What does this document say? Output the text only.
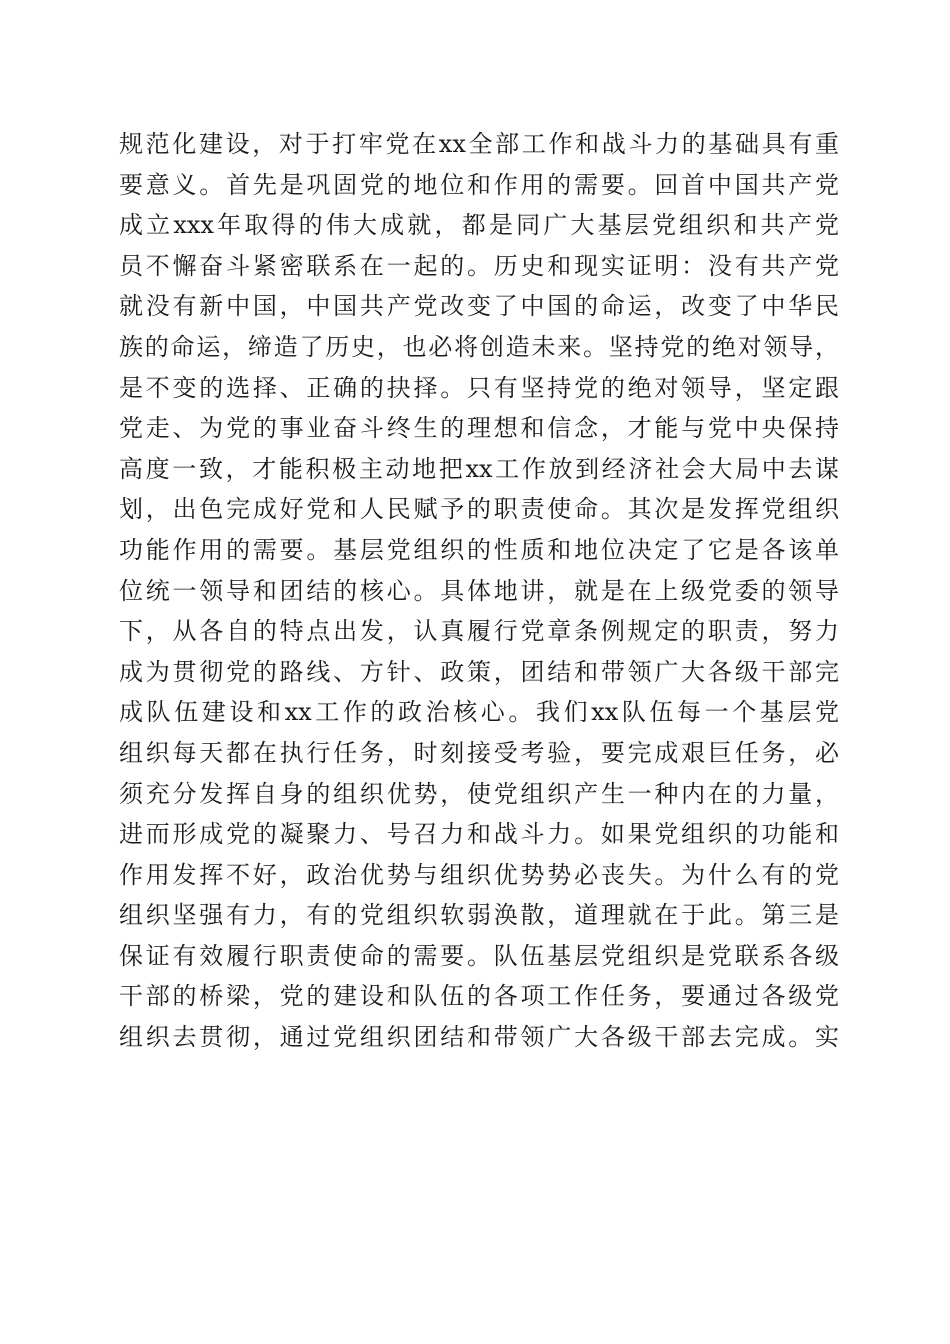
规范化建设，对于打牢党在xx全部工作和战斗力的基础具有重
要意义。首先是巩固党的地位和作用的需要。回首中国共产党
成立xxx年取得的伟大成就，都是同广大基层党组织和共产党
员不懈奋斗紧密联系在一起的。历史和现实证明：没有共产党
就没有新中国，中国共产党改变了中国的命运，改变了中华民
族的命运，缔造了历史，也必将创造未来。坚持党的绝对领导，
是不变的选择、正确的抉择。只有坚持党的绝对领导，坚定跟
党走、为党的事业奋斗终生的理想和信念，才能与党中央保持
高度一致，才能积极主动地把xx工作放到经济社会大局中去谋
划，出色完成好党和人民赋予的职责使命。其次是发挥党组织
功能作用的需要。基层党组织的性质和地位决定了它是各该单
位统一领导和团结的核心。具体地讲，就是在上级党委的领导
下，从各自的特点出发，认真履行党章条例规定的职责，努力
成为贯彻党的路线、方针、政策，团结和带领广大各级干部完
成队伍建设和xx工作的政治核心。我们xx队伍每一个基层党
组织每天都在执行任务，时刻接受考验，要完成艰巨任务，必
须充分发挥自身的组织优势，使党组织产生一种内在的力量，
进而形成党的凝聚力、号召力和战斗力。如果党组织的功能和
作用发挥不好，政治优势与组织优势势必丧失。为什么有的党
组织坚强有力，有的党组织软弱涣散，道理就在于此。第三是
保证有效履行职责使命的需要。队伍基层党组织是党联系各级
干部的桥梁，党的建设和队伍的各项工作任务，要通过各级党
组织去贯彻，通过党组织团结和带领广大各级干部去完成。实
